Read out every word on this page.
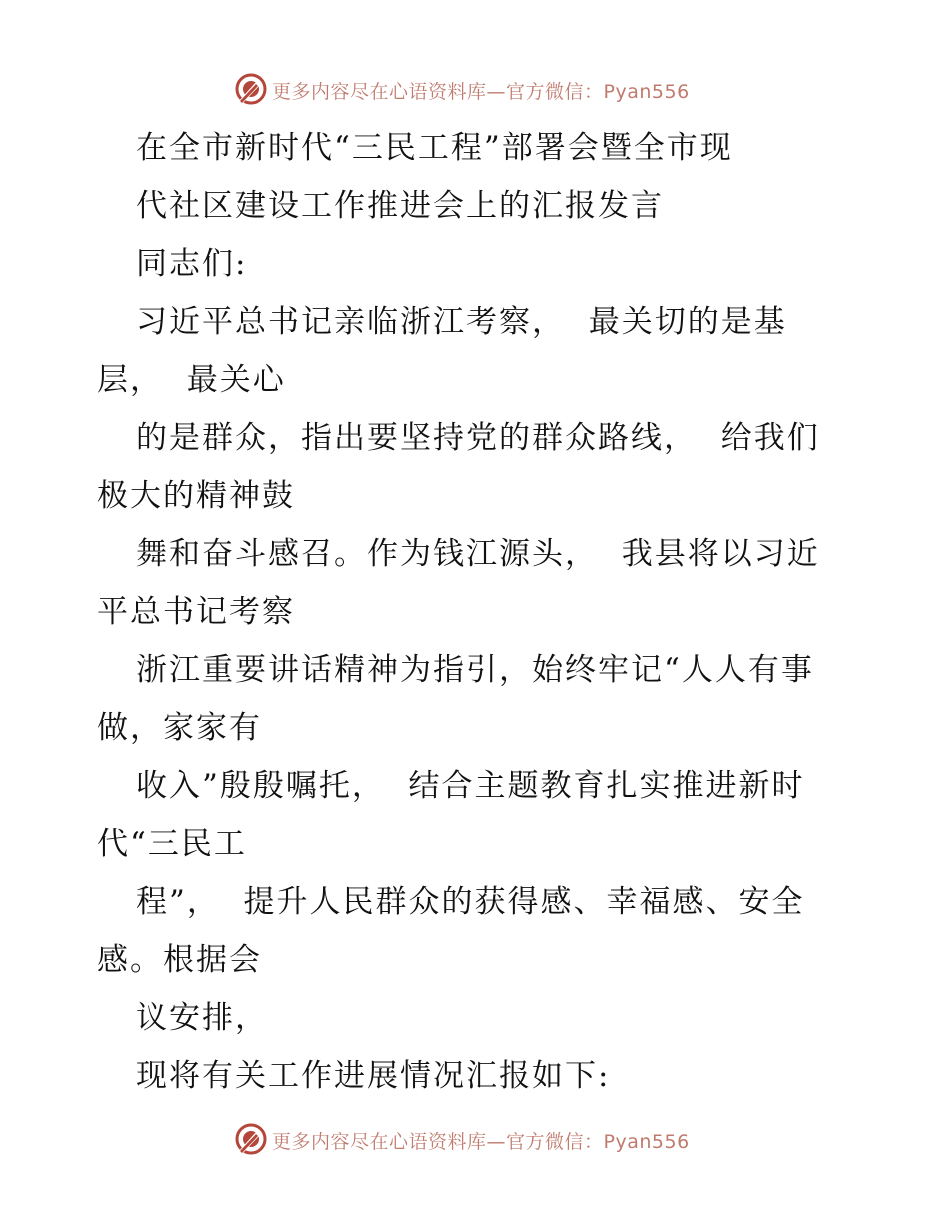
更多内容尽在心语资料库—官方微信：Pyan556
在全市新时代“三民工程”部署会暨全市现
代社区建设工作推进会上的汇报发言
同志们:
习近平总书记亲临浙江考察，  最关切的是基
层，  最关心
的是群众，指出要坚持党的群众路线，  给我们
极大的精神鼓
舞和奋斗感召。作为钱江源头，  我县将以习近
平总书记考察
浙江重要讲话精神为指引，始终牢记“人人有事
做，家家有
收入”殷殷嘱托，  结合主题教育扎实推进新时
代“三民工
程”，  提升人民群众的获得感、幸福感、安全
感。根据会
议安排，
现将有关工作进展情况汇报如下:
更多内容尽在心语资料库—官方微信：Pyan556
